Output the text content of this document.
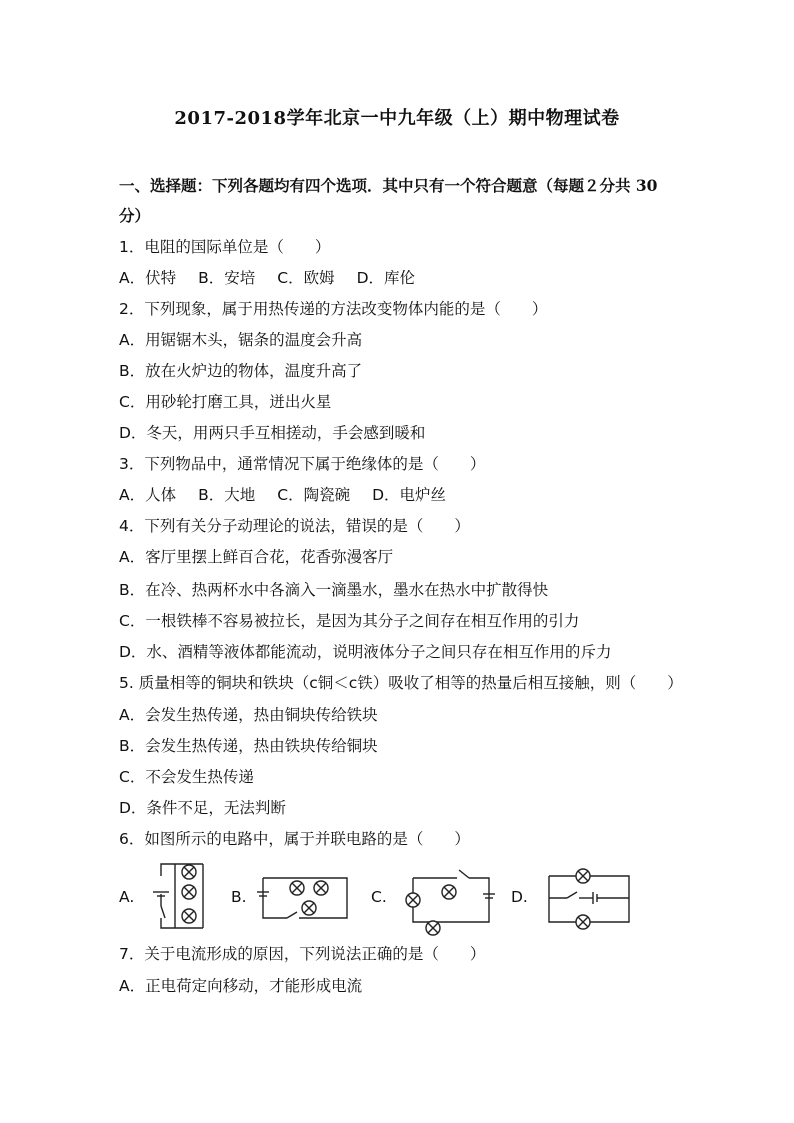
2017-2018学年北京一中九年级（上）期中物理试卷
一、选择题：下列各题均有四个选项．其中只有一个符合题意（每题２分共 30
分）
1．电阻的国际单位是（　　）
A．伏特 B．安培 C．欧姆 D．库伦
2．下列现象，属于用热传递的方法改变物体内能的是（　　）
A．用锯锯木头，锯条的温度会升高
B．放在火炉边的物体，温度升高了
C．用砂轮打磨工具，迸出火星
D．冬天，用两只手互相搓动，手会感到暖和
3．下列物品中，通常情况下属于绝缘体的是（　　）
A．人体 B．大地 C．陶瓷碗 D．电炉丝
4．下列有关分子动理论的说法，错误的是（　　）
A．客厅里摆上鲜百合花，花香弥漫客厅
B．在冷、热两杯水中各滴入一滴墨水，墨水在热水中扩散得快
C．一根铁棒不容易被拉长，是因为其分子之间存在相互作用的引力
D．水、酒精等液体都能流动，说明液体分子之间只存在相互作用的斥力
5. 质量相等的铜块和铁块（c铜＜c铁）吸收了相等的热量后相互接触，则（　　）
A．会发生热传递，热由铜块传给铁块
B．会发生热传递，热由铁块传给铜块
C．不会发生热传递
D．条件不足，无法判断
6．如图所示的电路中，属于并联电路的是（　　）
A.	B.	C.	D.
7．关于电流形成的原因，下列说法正确的是（　　）
A．正电荷定向移动，才能形成电流
